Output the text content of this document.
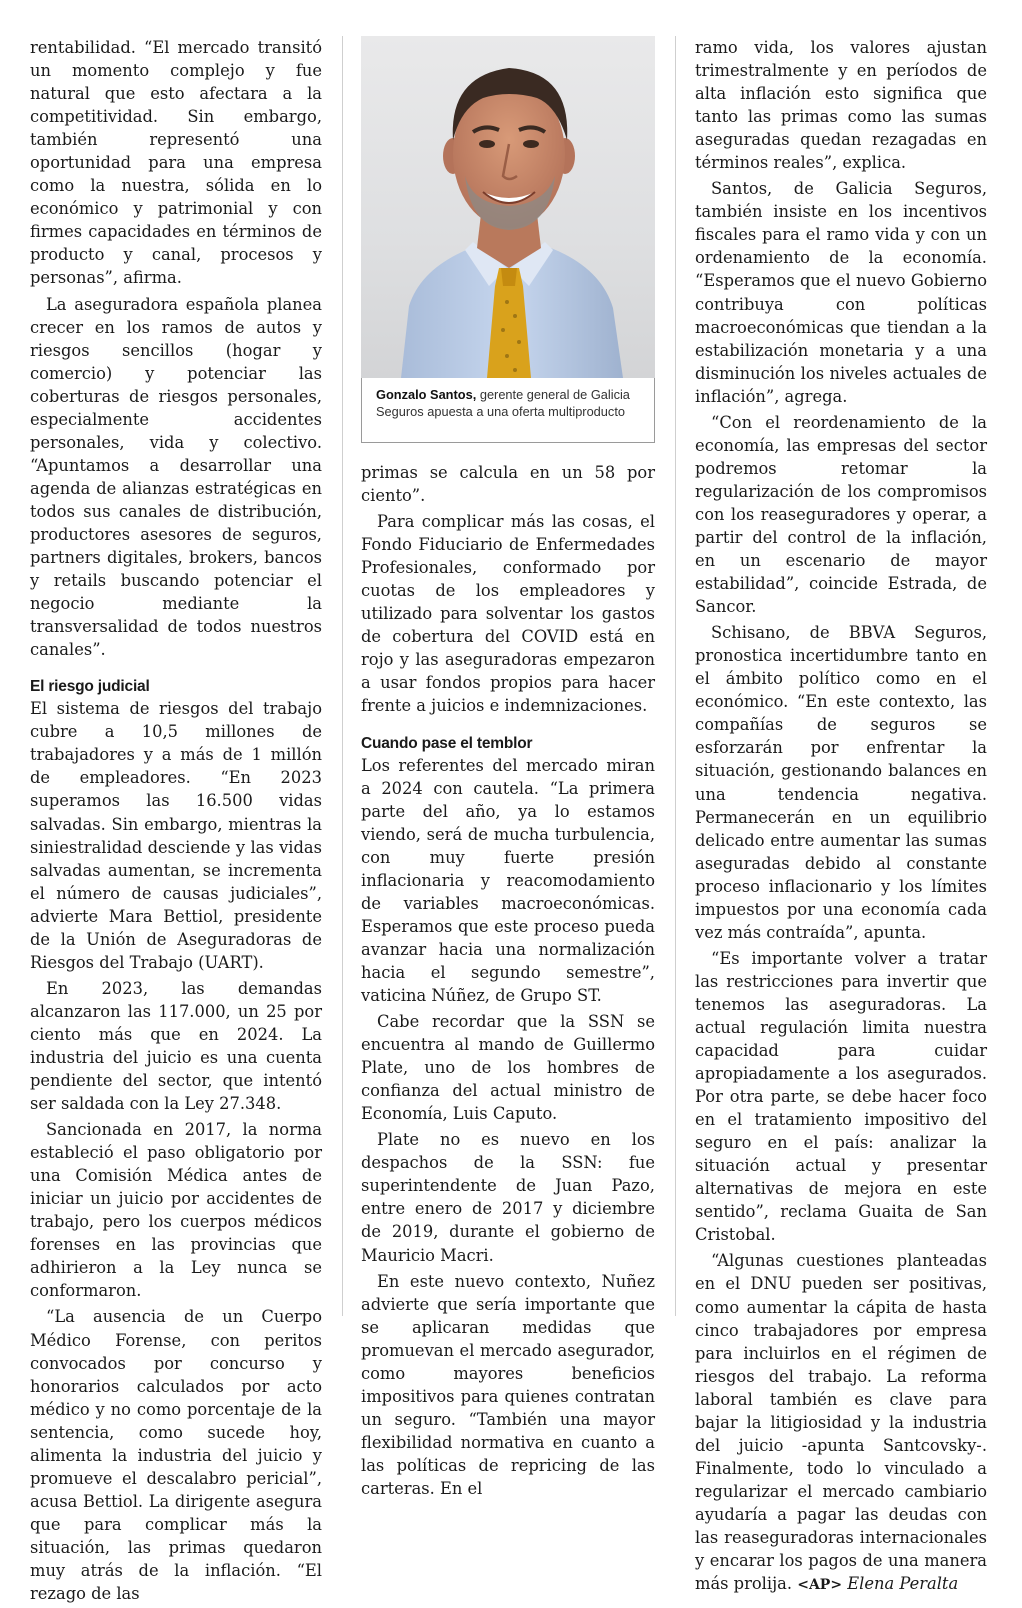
rentabilidad. “El mercado transitó un momento complejo y fue natural que esto afectara a la competitividad. Sin embargo, también representó una oportunidad para una empresa como la nuestra, sólida en lo económico y patrimonial y con firmes capacidades en términos de producto y canal, procesos y personas”, afirma.

La aseguradora española planea crecer en los ramos de autos y riesgos sencillos (hogar y comercio) y potenciar las coberturas de riesgos personales, especialmente accidentes personales, vida y colectivo. “Apuntamos a desarrollar una agenda de alianzas estratégicas en todos sus canales de distribución, productores asesores de seguros, partners digitales, brokers, bancos y retails buscando potenciar el negocio mediante la transversalidad de todos nuestros canales”.

El riesgo judicial

El sistema de riesgos del trabajo cubre a 10,5 millones de trabajadores y a más de 1 millón de empleadores. “En 2023 superamos las 16.500 vidas salvadas. Sin embargo, mientras la siniestralidad desciende y las vidas salvadas aumentan, se incrementa el número de causas judiciales”, advierte Mara Bettiol, presidente de la Unión de Aseguradoras de Riesgos del Trabajo (UART).

En 2023, las demandas alcanzaron las 117.000, un 25 por ciento más que en 2024. La industria del juicio es una cuenta pendiente del sector, que intentó ser saldada con la Ley 27.348.

Sancionada en 2017, la norma estableció el paso obligatorio por una Comisión Médica antes de iniciar un juicio por accidentes de trabajo, pero los cuerpos médicos forenses en las provincias que adhirieron a la Ley nunca se conformaron.

“La ausencia de un Cuerpo Médico Forense, con peritos convocados por concurso y honorarios calculados por acto médico y no como porcentaje de la sentencia, como sucede hoy, alimenta la industria del juicio y promueve el descalabro pericial”, acusa Bettiol. La dirigente asegura que para complicar más la situación, las primas quedaron muy atrás de la inflación. “El rezago de las

Gonzalo Santos, gerente general de Galicia Seguros apuesta a una oferta multiproducto

primas se calcula en un 58 por ciento”.

Para complicar más las cosas, el Fondo Fiduciario de Enfermedades Profesionales, conformado por cuotas de los empleadores y utilizado para solventar los gastos de cobertura del COVID está en rojo y las aseguradoras empezaron a usar fondos propios para hacer frente a juicios e indemnizaciones.

Cuando pase el temblor

Los referentes del mercado miran a 2024 con cautela. “La primera parte del año, ya lo estamos viendo, será de mucha turbulencia, con muy fuerte presión inflacionaria y reacomodamiento de variables macroeconómicas. Esperamos que este proceso pueda avanzar hacia una normalización hacia el segundo semestre”, vaticina Núñez, de Grupo ST.

Cabe recordar que la SSN se encuentra al mando de Guillermo Plate, uno de los hombres de confianza del actual ministro de Economía, Luis Caputo.

Plate no es nuevo en los despachos de la SSN: fue superintendente de Juan Pazo, entre enero de 2017 y diciembre de 2019, durante el gobierno de Mauricio Macri.

En este nuevo contexto, Nuñez advierte que sería importante que se aplicaran medidas que promuevan el mercado asegurador, como mayores beneficios impositivos para quienes contratan un seguro. “También una mayor flexibilidad normativa en cuanto a las políticas de repricing de las carteras. En el

ramo vida, los valores ajustan trimestralmente y en períodos de alta inflación esto significa que tanto las primas como las sumas aseguradas quedan rezagadas en términos reales”, explica.

Santos, de Galicia Seguros, también insiste en los incentivos fiscales para el ramo vida y con un ordenamiento de la economía. “Esperamos que el nuevo Gobierno contribuya con políticas macroeconómicas que tiendan a la estabilización monetaria y a una disminución los niveles actuales de inflación”, agrega.

“Con el reordenamiento de la economía, las empresas del sector podremos retomar la regularización de los compromisos con los reaseguradores y operar, a partir del control de la inflación, en un escenario de mayor estabilidad”, coincide Estrada, de Sancor.

Schisano, de BBVA Seguros, pronostica incertidumbre tanto en el ámbito político como en el económico. “En este contexto, las compañías de seguros se esforzarán por enfrentar la situación, gestionando balances en una tendencia negativa. Permanecerán en un equilibrio delicado entre aumentar las sumas aseguradas debido al constante proceso inflacionario y los límites impuestos por una economía cada vez más contraída”, apunta.

“Es importante volver a tratar las restricciones para invertir que tenemos las aseguradoras. La actual regulación limita nuestra capacidad para cuidar apropiadamente a los asegurados. Por otra parte, se debe hacer foco en el tratamiento impositivo del seguro en el país: analizar la situación actual y presentar alternativas de mejora en este sentido”, reclama Guaita de San Cristobal.

“Algunas cuestiones planteadas en el DNU pueden ser positivas, como aumentar la cápita de hasta cinco trabajadores por empresa para incluirlos en el régimen de riesgos del trabajo. La reforma laboral también es clave para bajar la litigiosidad y la industria del juicio -apunta Santcovsky-. Finalmente, todo lo vinculado a regularizar el mercado cambiario ayudaría a pagar las deudas con las reaseguradoras internacionales y encarar los pagos de una manera más prolija. <AP> Elena Peralta
